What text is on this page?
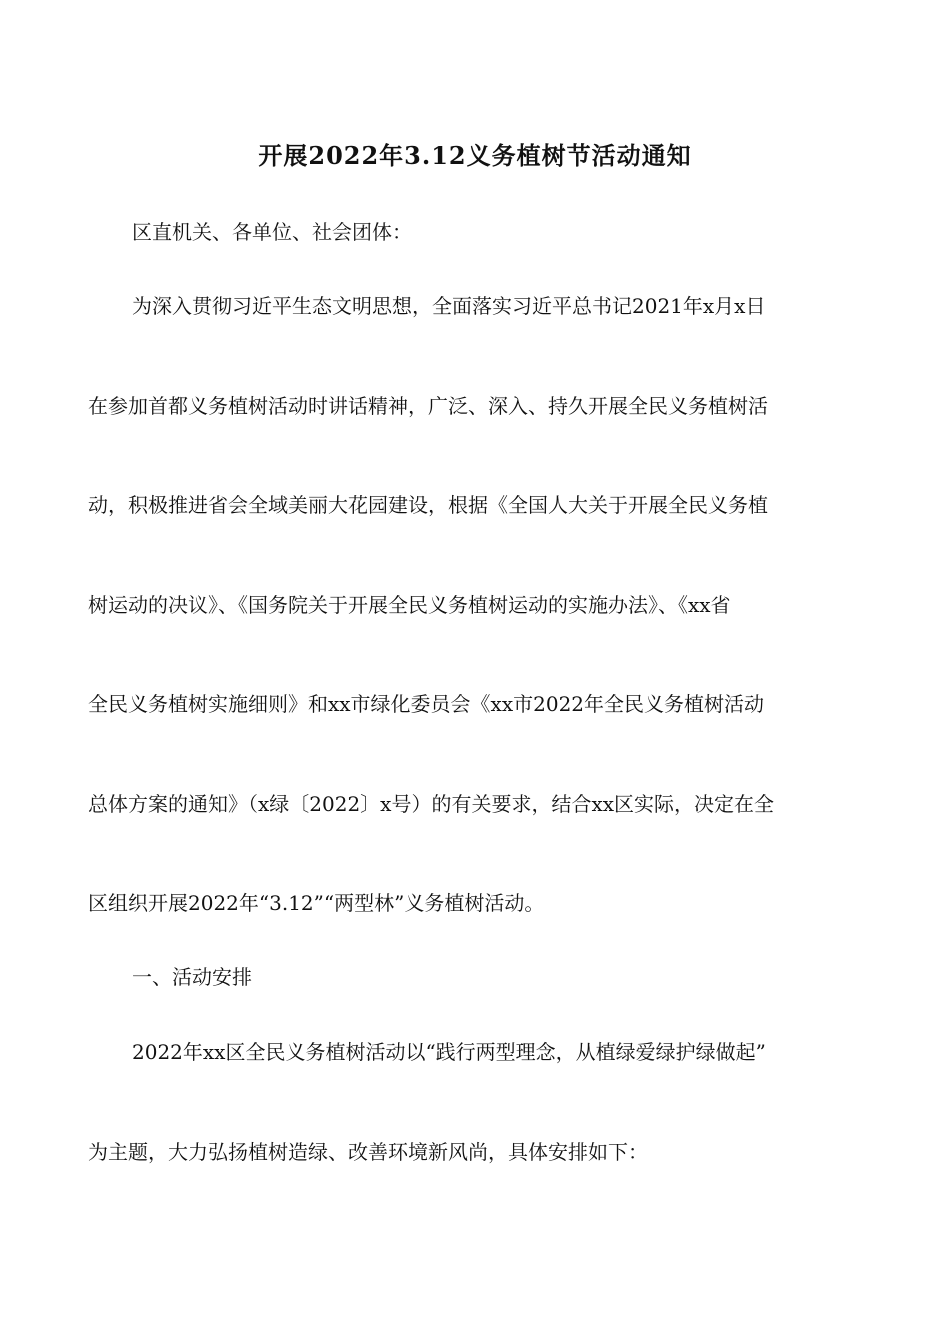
开展2022年3.12义务植树节活动通知
区直机关、各单位、社会团体：
为深入贯彻习近平生态文明思想，全面落实习近平总书记2021年x月x日
在参加首都义务植树活动时讲话精神，广泛、深入、持久开展全民义务植树活
动，积极推进省会全域美丽大花园建设，根据《全国人大关于开展全民义务植
树运动的决议》、《国务院关于开展全民义务植树运动的实施办法》、《xx省
全民义务植树实施细则》和xx市绿化委员会《xx市2022年全民义务植树活动
总体方案的通知》（x绿〔2022〕x号）的有关要求，结合xx区实际，决定在全
区组织开展2022年“3.12”“两型林”义务植树活动。
一、活动安排
2022年xx区全民义务植树活动以“践行两型理念，从植绿爱绿护绿做起”
为主题，大力弘扬植树造绿、改善环境新风尚，具体安排如下：
